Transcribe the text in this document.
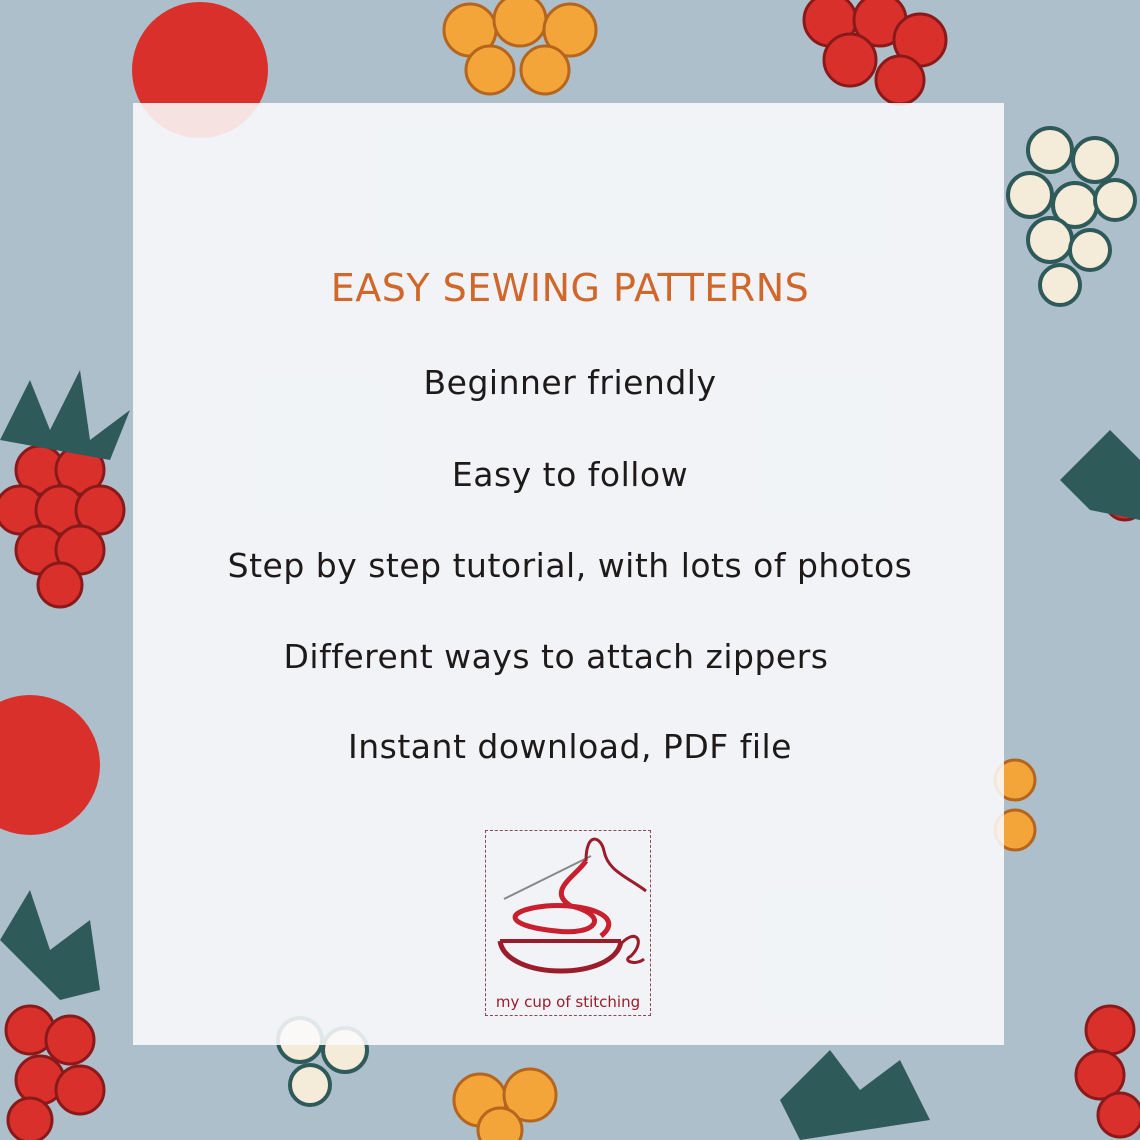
EASY SEWING PATTERNS
Beginner friendly
Easy to follow
Step by step tutorial, with lots of photos
Different ways to attach zippers
Instant download, PDF file
my cup of stitching
